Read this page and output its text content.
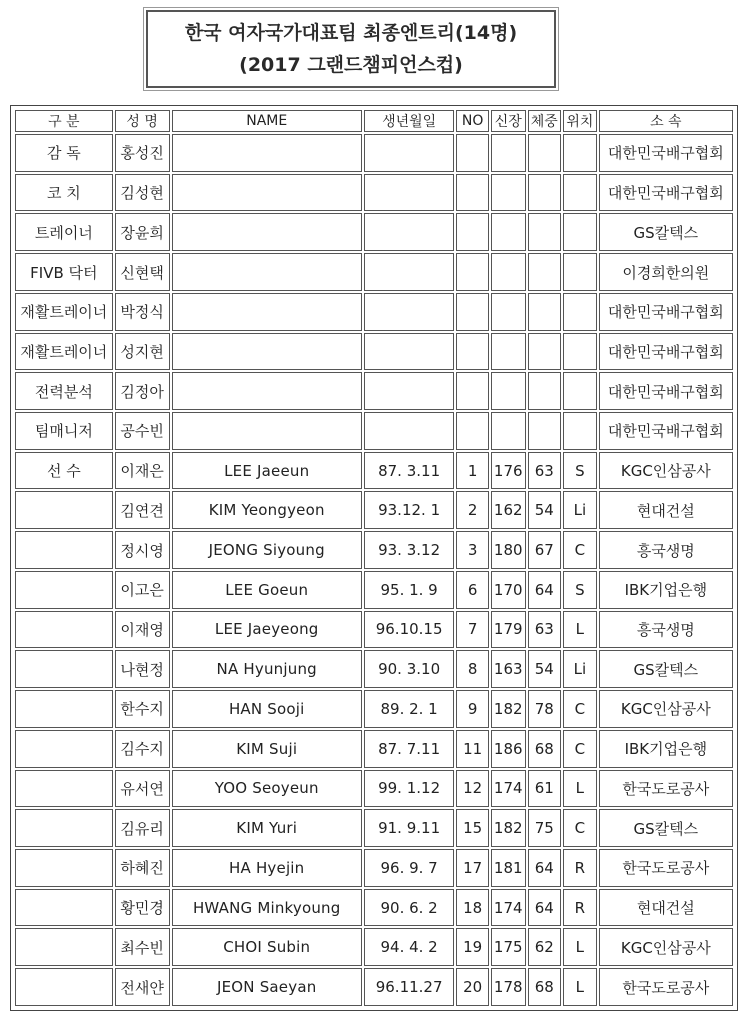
한국 여자국가대표팀 최종엔트리(14명)
(2017 그랜드챔피언스컵)
구 분	성 명	NAME	생년월일	NO	신장	체중	위치	소 속
감 독	홍성진							대한민국배구협회
코 치	김성현							대한민국배구협회
트레이너	장윤희							GS칼텍스
FIVB 닥터	신현택							이경희한의원
재활트레이너	박정식							대한민국배구협회
재활트레이너	성지현							대한민국배구협회
전력분석	김정아							대한민국배구협회
팀매니저	공수빈							대한민국배구협회
선 수	이재은	LEE Jaeeun	87. 3.11	1	176	63	S	KGC인삼공사
	김연견	KIM Yeongyeon	93.12. 1	2	162	54	Li	현대건설
	정시영	JEONG Siyoung	93. 3.12	3	180	67	C	흥국생명
	이고은	LEE Goeun	95. 1. 9	6	170	64	S	IBK기업은행
	이재영	LEE Jaeyeong	96.10.15	7	179	63	L	흥국생명
	나현정	NA Hyunjung	90. 3.10	8	163	54	Li	GS칼텍스
	한수지	HAN Sooji	89. 2. 1	9	182	78	C	KGC인삼공사
	김수지	KIM Suji	87. 7.11	11	186	68	C	IBK기업은행
	유서연	YOO Seoyeun	99. 1.12	12	174	61	L	한국도로공사
	김유리	KIM Yuri	91. 9.11	15	182	75	C	GS칼텍스
	하혜진	HA Hyejin	96. 9. 7	17	181	64	R	한국도로공사
	황민경	HWANG Minkyoung	90. 6. 2	18	174	64	R	현대건설
	최수빈	CHOI Subin	94. 4. 2	19	175	62	L	KGC인삼공사
	전새얀	JEON Saeyan	96.11.27	20	178	68	L	한국도로공사
